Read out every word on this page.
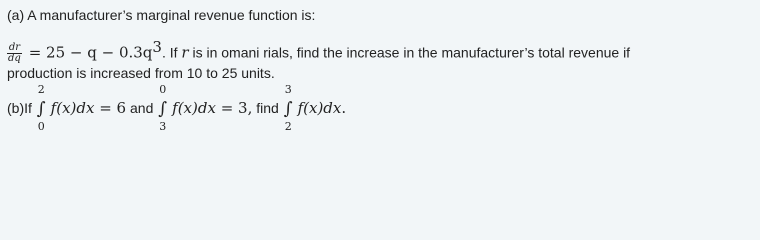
(a) A manufacturer’s marginal revenue function is:
$\frac{dr}{dq} = 25 - q - 0.3q^3$. If r is in omani rials, find the increase in the manufacturer’s total revenue if
production is increased from 10 to 25 units.
(b)If
2
∫
0
f(x)dx = 6 and
0
∫
3
f(x)dx = 3, find
3
∫
2
f(x)dx.
